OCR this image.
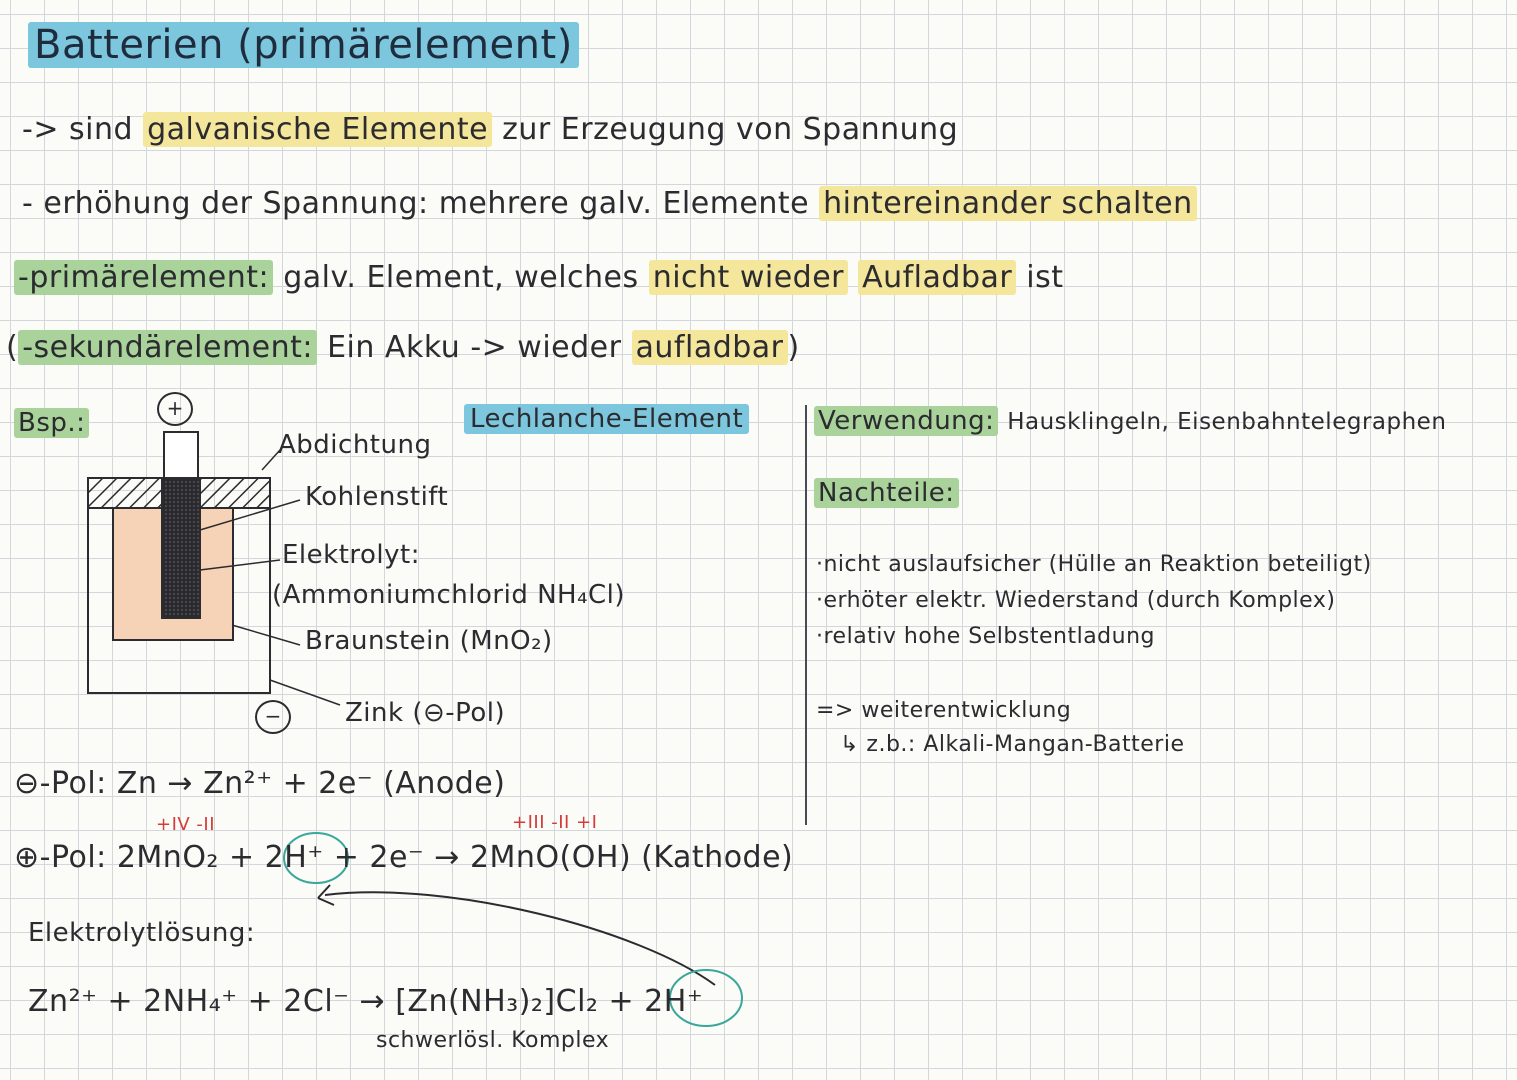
Batterien (primärelement)
-> sind galvanische Elemente zur Erzeugung von Spannung
- erhöhung der Spannung: mehrere galv. Elemente hintereinander schalten
-primärelement: galv. Element, welches nicht wieder Aufladbar ist
( -sekundärelement: Ein Akku -> wieder aufladbar )
Bsp.:	Lechlanche-Element
+
−
Abdichtung
Kohlenstift
Elektrolyt:
(Ammoniumchlorid NH₄Cl)
Braunstein (MnO₂)
Zink (⊖-Pol)
Verwendung: Hausklingeln, Eisenbahntelegraphen
Nachteile:
·nicht auslaufsicher (Hülle an Reaktion beteiligt)
·erhöter elektr. Wiederstand (durch Komplex)
·relativ hohe Selbstentladung
=> weiterentwicklung
↳ z.b.: Alkali-Mangan-Batterie
⊖-Pol: Zn → Zn²⁺ + 2e⁻ (Anode)
+IV -II	+III -II +I
⊕-Pol: 2MnO₂ + 2H⁺ + 2e⁻ → 2MnO(OH) (Kathode)
Elektrolytlösung:
Zn²⁺ + 2NH₄⁺ + 2Cl⁻ → [Zn(NH₃)₂]Cl₂ + 2H⁺
schwerlösl. Komplex
